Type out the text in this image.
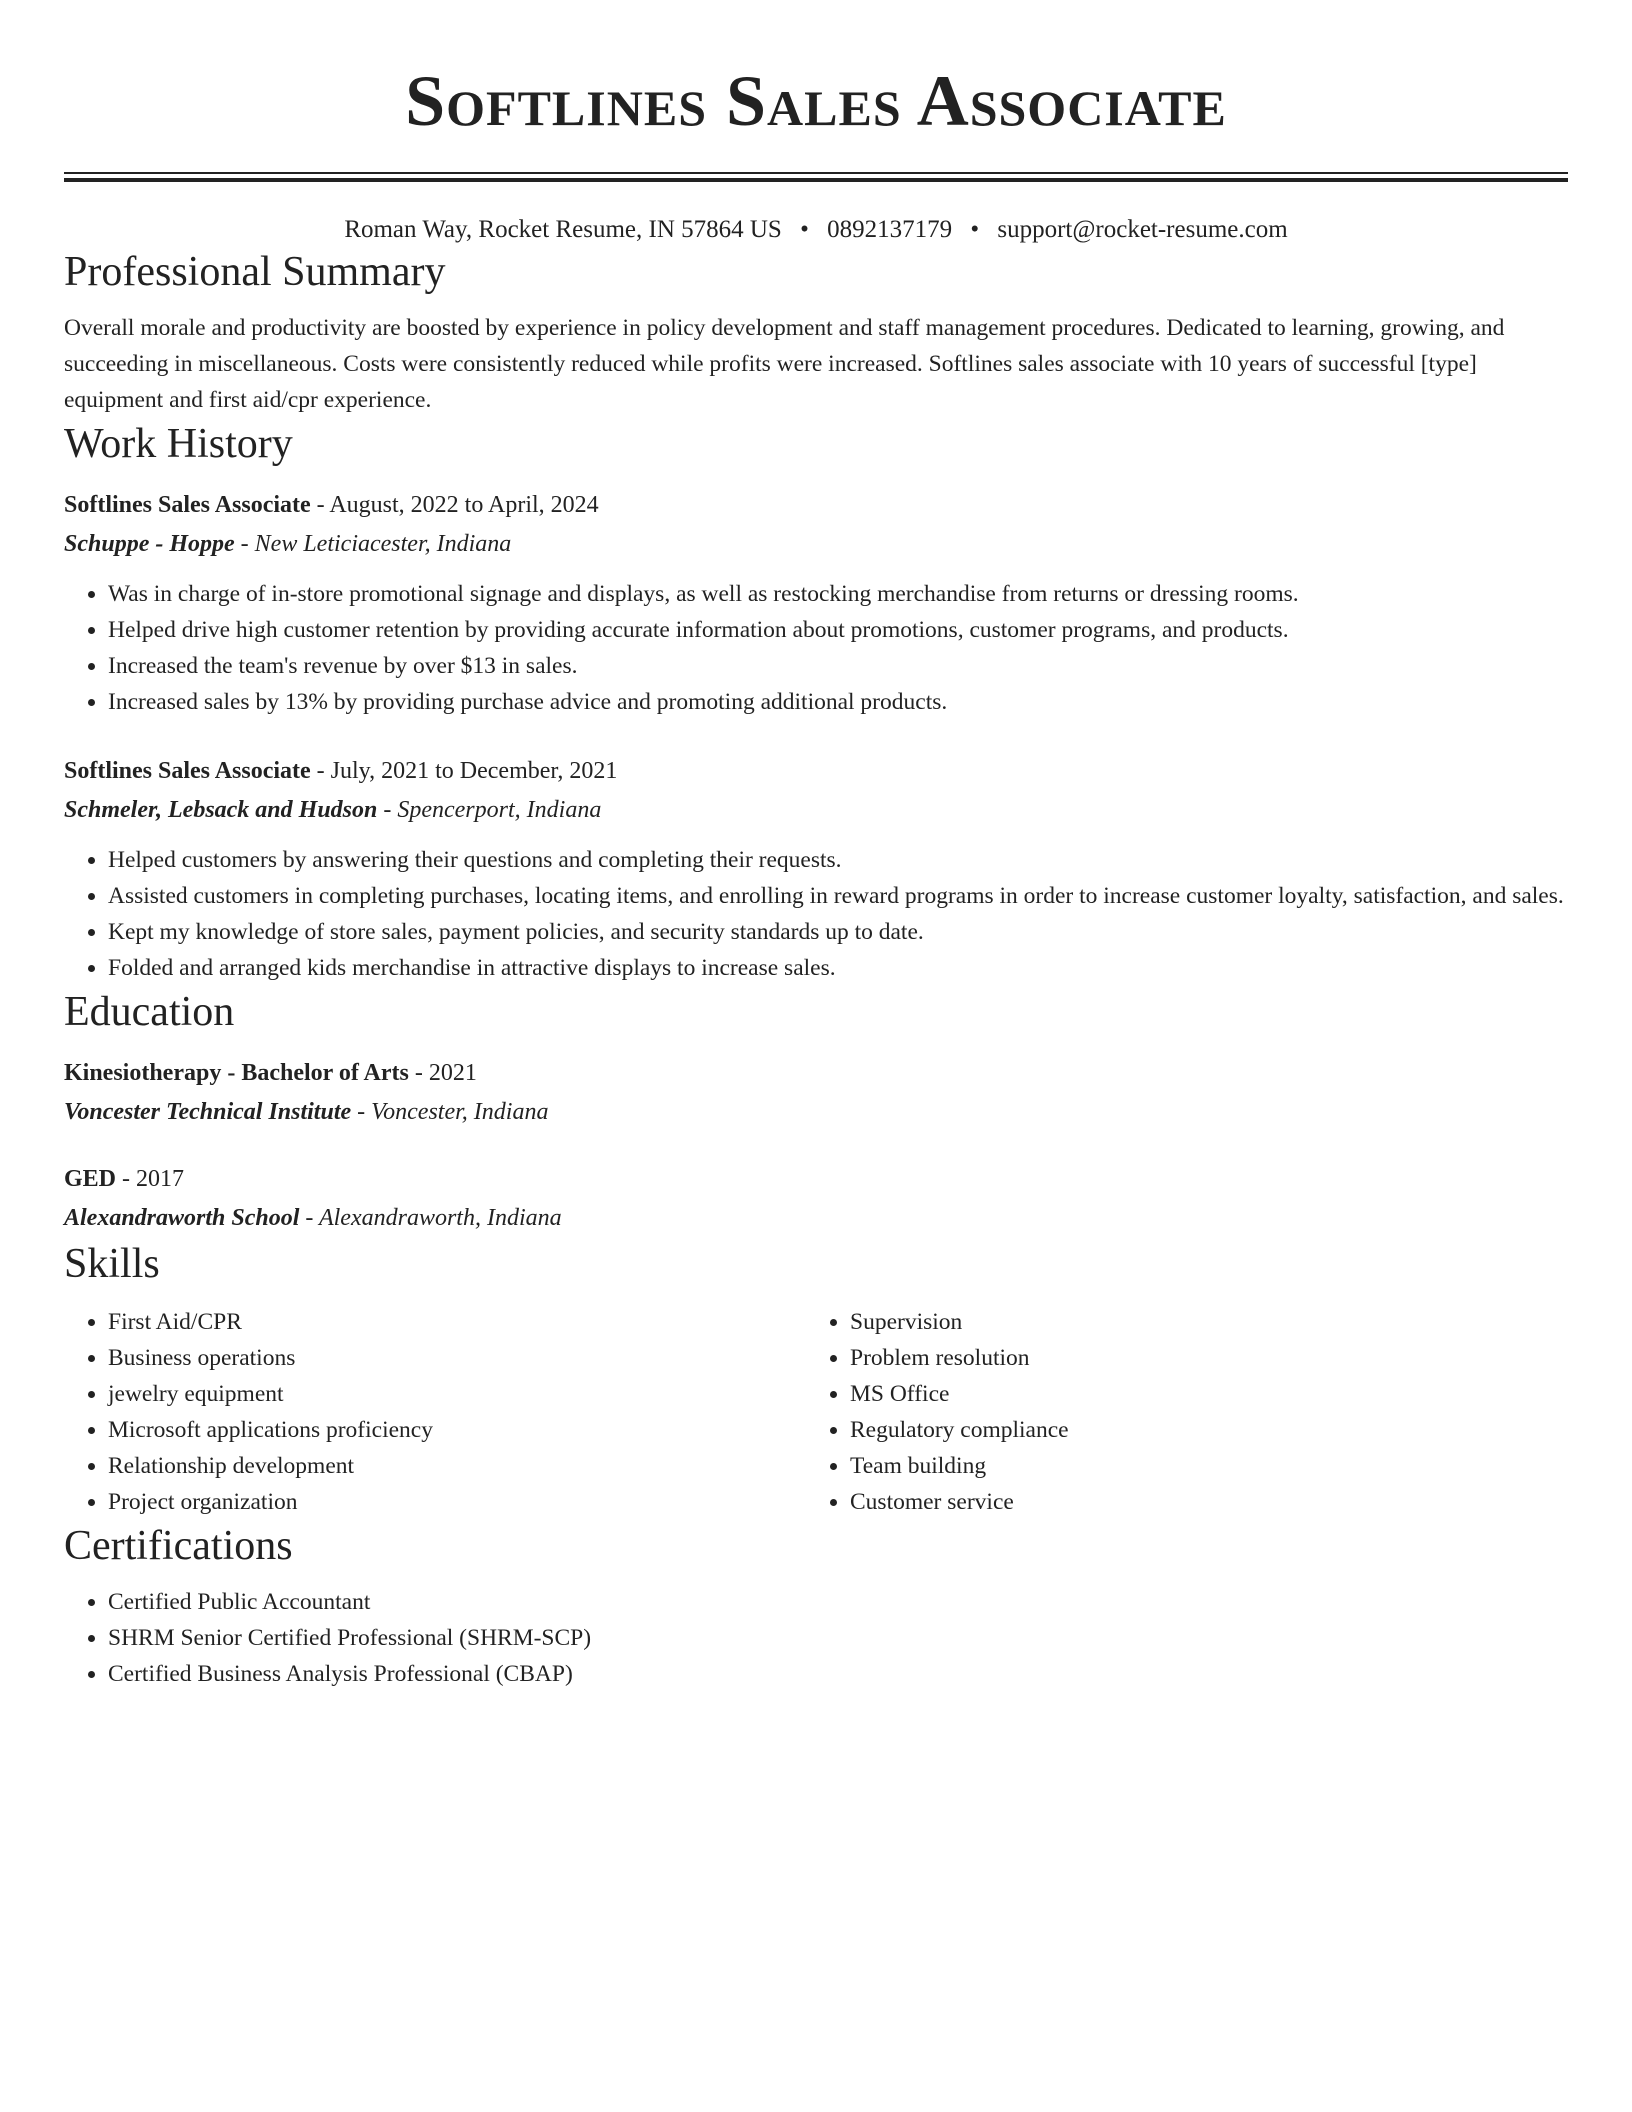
Softlines Sales Associate
Roman Way, Rocket Resume, IN 57864 US • 0892137179 • support@rocket-resume.com
Professional Summary

Overall morale and productivity are boosted by experience in policy development and staff management procedures. Dedicated to learning, growing, and succeeding in miscellaneous. Costs were consistently reduced while profits were increased. Softlines sales associate with 10 years of successful [type] equipment and first aid/cpr experience.

Work History
Softlines Sales Associate - August, 2022 to April, 2024
Schuppe - Hoppe - New Leticiacester, Indiana
• Was in charge of in-store promotional signage and displays, as well as restocking merchandise from returns or dressing rooms.
• Helped drive high customer retention by providing accurate information about promotions, customer programs, and products.
• Increased the team's revenue by over $13 in sales.
• Increased sales by 13% by providing purchase advice and promoting additional products.
Softlines Sales Associate - July, 2021 to December, 2021
Schmeler, Lebsack and Hudson - Spencerport, Indiana
• Helped customers by answering their questions and completing their requests.
• Assisted customers in completing purchases, locating items, and enrolling in reward programs in order to increase customer loyalty, satisfaction, and sales.
• Kept my knowledge of store sales, payment policies, and security standards up to date.
• Folded and arranged kids merchandise in attractive displays to increase sales.
Education
Kinesiotherapy - Bachelor of Arts - 2021
Voncester Technical Institute - Voncester, Indiana
GED - 2017
Alexandraworth School - Alexandraworth, Indiana
Skills
• First Aid/CPR
• Business operations
• jewelry equipment
• Microsoft applications proficiency
• Relationship development
• Project organization
• Supervision
• Problem resolution
• MS Office
• Regulatory compliance
• Team building
• Customer service
Certifications
• Certified Public Accountant
• SHRM Senior Certified Professional (SHRM-SCP)
• Certified Business Analysis Professional (CBAP)
